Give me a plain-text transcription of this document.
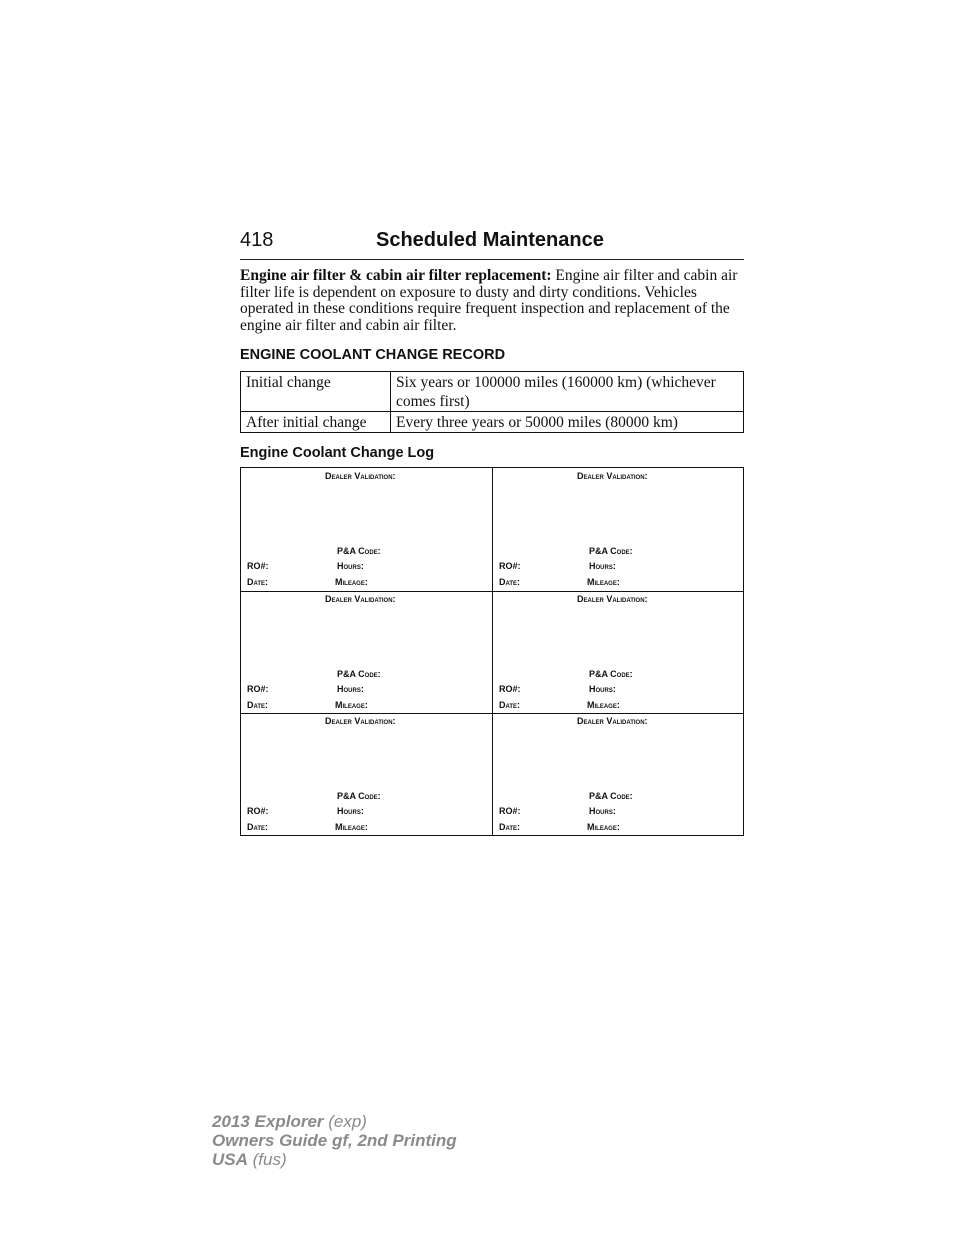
418	Scheduled Maintenance

Engine air filter & cabin air filter replacement: Engine air filter and cabin air filter life is dependent on exposure to dusty and dirty conditions. Vehicles operated in these conditions require frequent inspection and replacement of the engine air filter and cabin air filter.

ENGINE COOLANT CHANGE RECORD
Initial change	Six years or 100000 miles (160000 km) (whichever comes first)
After initial change	Every three years or 50000 miles (80000 km)
Engine Coolant Change Log
2013 Explorer (exp)
Owners Guide gf, 2nd Printing
USA (fus)
Dealer Validation:
P&A Code:
RO#:	Hours:
Date:	Mileage:
Dealer Validation:
P&A Code:
RO#:	Hours:
Date:	Mileage:
Dealer Validation:
P&A Code:
RO#:	Hours:
Date:	Mileage:
Dealer Validation:
P&A Code:
RO#:	Hours:
Date:	Mileage:
Dealer Validation:
P&A Code:
RO#:	Hours:
Date:	Mileage:
Dealer Validation:
P&A Code:
RO#:	Hours:
Date:	Mileage:
